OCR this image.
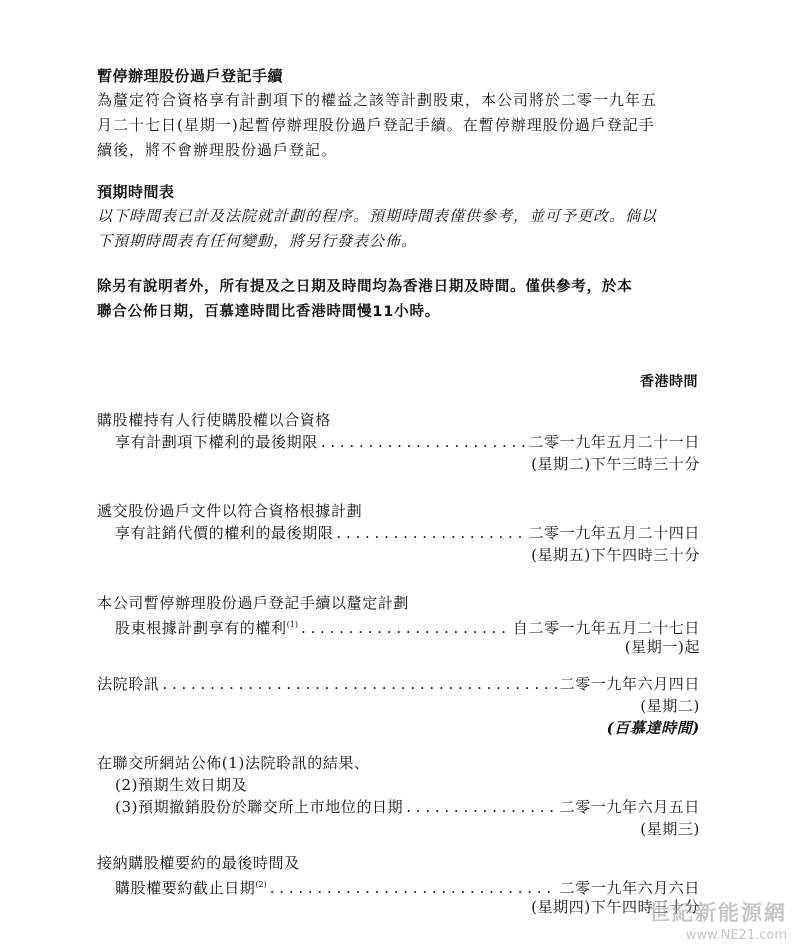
暫停辦理股份過戶登記手續
為釐定符合資格享有計劃項下的權益之該等計劃股東，本公司將於二零一九年五
月二十七日(星期一)起暫停辦理股份過戶登記手續。在暫停辦理股份過戶登記手
續後，將不會辦理股份過戶登記。
預期時間表
以下時間表已計及法院就計劃的程序。預期時間表僅供參考，並可予更改。倘以
下預期時間表有任何變動，將另行發表公佈。
除另有說明者外，所有提及之日期及時間均為香港日期及時間。僅供參考，於本
聯合公佈日期，百慕達時間比香港時間慢11小時。
香港時間
購股權持有人行使購股權以合資格
享有計劃項下權利的最後期限 . . .	二零一九年五月二十一日
(星期二)下午三時三十分
遞交股份過戶文件以符合資格根據計劃
享有註銷代價的權利的最後期限 . . .	二零一九年五月二十四日
(星期五)下午四時三十分
本公司暫停辦理股份過戶登記手續以釐定計劃
股東根據計劃享有的權利$^{(1)}$ . . .	自二零一九年五月二十七日
(星期一)起
法院聆訊 . . .	二零一九年六月四日
(星期二)
(百慕達時間)
在聯交所網站公佈(1)法院聆訊的結果、
(2)預期生效日期及
(3)預期撤銷股份於聯交所上市地位的日期 . . .	二零一九年六月五日
(星期三)
接納購股權要約的最後時間及
購股權要約截止日期$^{(2)}$ . . .	二零一九年六月六日
(星期四)下午四時三十分
世紀新能源網
www.NE21.com
